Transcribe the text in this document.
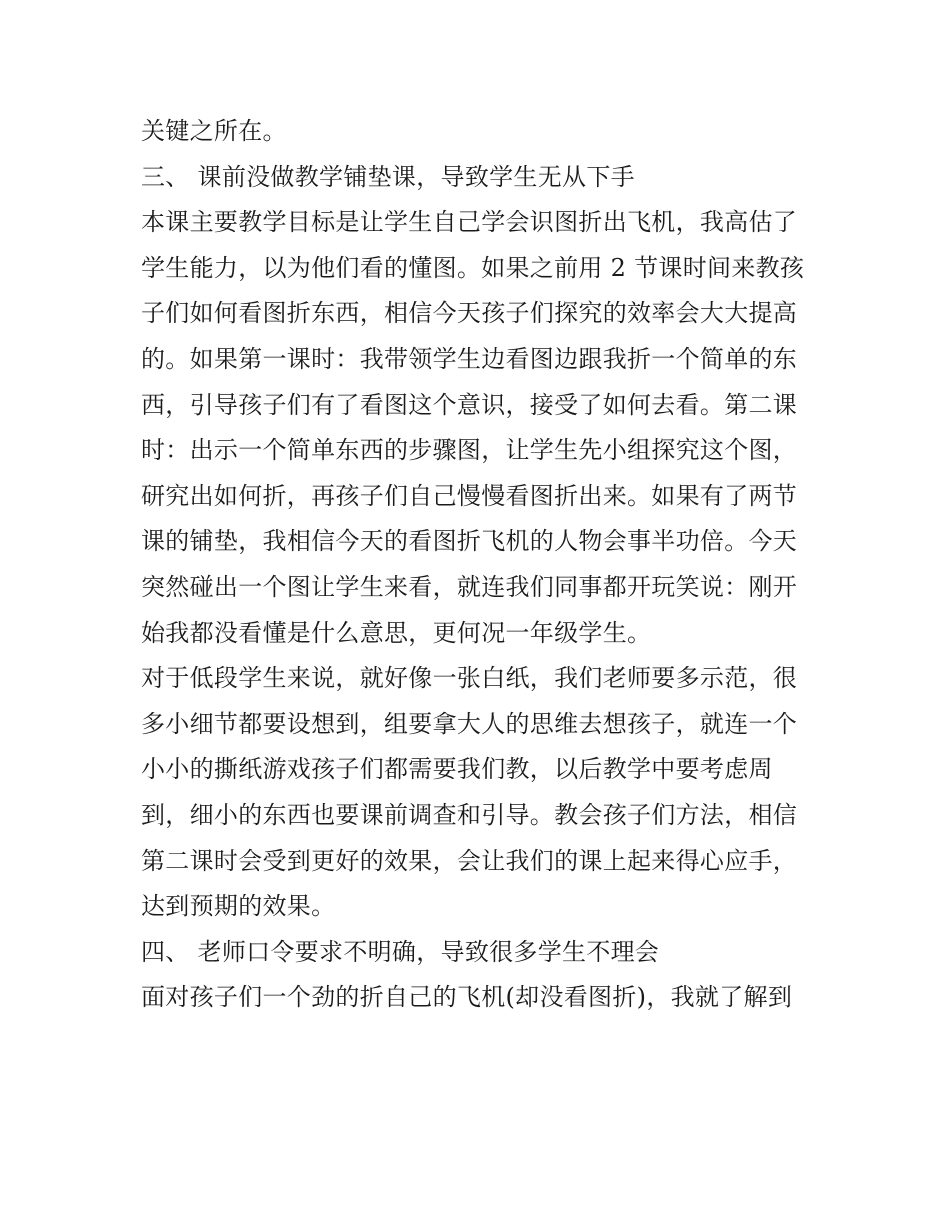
关键之所在。
三、 课前没做教学铺垫课，导致学生无从下手
本课主要教学目标是让学生自己学会识图折出飞机，我高估了
学生能力，以为他们看的懂图。如果之前用 2 节课时间来教孩
子们如何看图折东西，相信今天孩子们探究的效率会大大提高
的。如果第一课时：我带领学生边看图边跟我折一个简单的东
西，引导孩子们有了看图这个意识，接受了如何去看。第二课
时：出示一个简单东西的步骤图，让学生先小组探究这个图，
研究出如何折，再孩子们自己慢慢看图折出来。如果有了两节
课的铺垫，我相信今天的看图折飞机的人物会事半功倍。今天
突然碰出一个图让学生来看，就连我们同事都开玩笑说：刚开
始我都没看懂是什么意思，更何况一年级学生。
对于低段学生来说，就好像一张白纸，我们老师要多示范，很
多小细节都要设想到，组要拿大人的思维去想孩子，就连一个
小小的撕纸游戏孩子们都需要我们教，以后教学中要考虑周
到，细小的东西也要课前调查和引导。教会孩子们方法，相信
第二课时会受到更好的效果，会让我们的课上起来得心应手，
达到预期的效果。
四、 老师口令要求不明确，导致很多学生不理会
面对孩子们一个劲的折自己的飞机(却没看图折)，我就了解到
